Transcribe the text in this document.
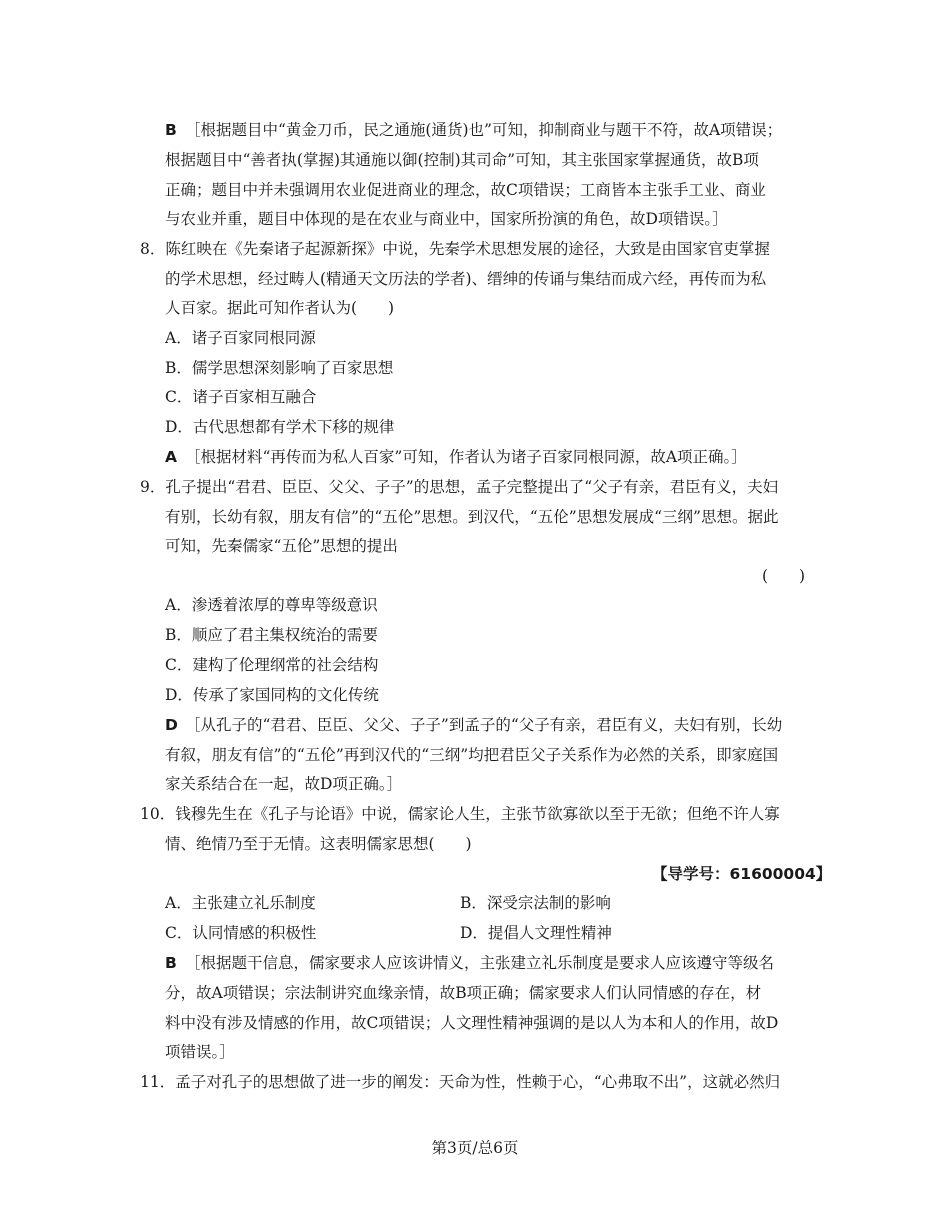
B ［根据题目中“黄金刀币，民之通施(通货)也”可知，抑制商业与题干不符，故A项错误；
根据题目中“善者执(掌握)其通施以御(控制)其司命”可知，其主张国家掌握通货，故B项
正确；题目中并未强调用农业促进商业的理念，故C项错误；工商皆本主张手工业、商业
与农业并重，题目中体现的是在农业与商业中，国家所扮演的角色，故D项错误。］
8．陈红映在《先秦诸子起源新探》中说，先秦学术思想发展的途径，大致是由国家官吏掌握
的学术思想，经过畴人(精通天文历法的学者)、缙绅的传诵与集结而成六经，再传而为私
人百家。据此可知作者认为(　　)
A．诸子百家同根同源
B．儒学思想深刻影响了百家思想
C．诸子百家相互融合
D．古代思想都有学术下移的规律
A ［根据材料“再传而为私人百家”可知，作者认为诸子百家同根同源，故A项正确。］
9．孔子提出“君君、臣臣、父父、子子”的思想，孟子完整提出了“父子有亲，君臣有义，夫妇
有别，长幼有叙，朋友有信”的“五伦”思想。到汉代，“五伦”思想发展成“三纲”思想。据此
可知，先秦儒家“五伦”思想的提出
(　　)
A．渗透着浓厚的尊卑等级意识
B．顺应了君主集权统治的需要
C．建构了伦理纲常的社会结构
D．传承了家国同构的文化传统
D ［从孔子的“君君、臣臣、父父、子子”到孟子的“父子有亲，君臣有义，夫妇有别，长幼
有叙，朋友有信”的“五伦”再到汉代的“三纲”均把君臣父子关系作为必然的关系，即家庭国
家关系结合在一起，故D项正确。］
10．钱穆先生在《孔子与论语》中说，儒家论人生，主张节欲寡欲以至于无欲；但绝不许人寡
情、绝情乃至于无情。这表明儒家思想(　　)
【导学号：61600004】
A．主张建立礼乐制度	B．深受宗法制的影响
C．认同情感的积极性	D．提倡人文理性精神
B ［根据题干信息，儒家要求人应该讲情义，主张建立礼乐制度是要求人应该遵守等级名
分，故A项错误；宗法制讲究血缘亲情，故B项正确；儒家要求人们认同情感的存在，材
料中没有涉及情感的作用，故C项错误；人文理性精神强调的是以人为本和人的作用，故D
项错误。］
11．孟子对孔子的思想做了进一步的阐发：天命为性，性赖于心，“心弗取不出”，这就必然归
第3页/总6页
